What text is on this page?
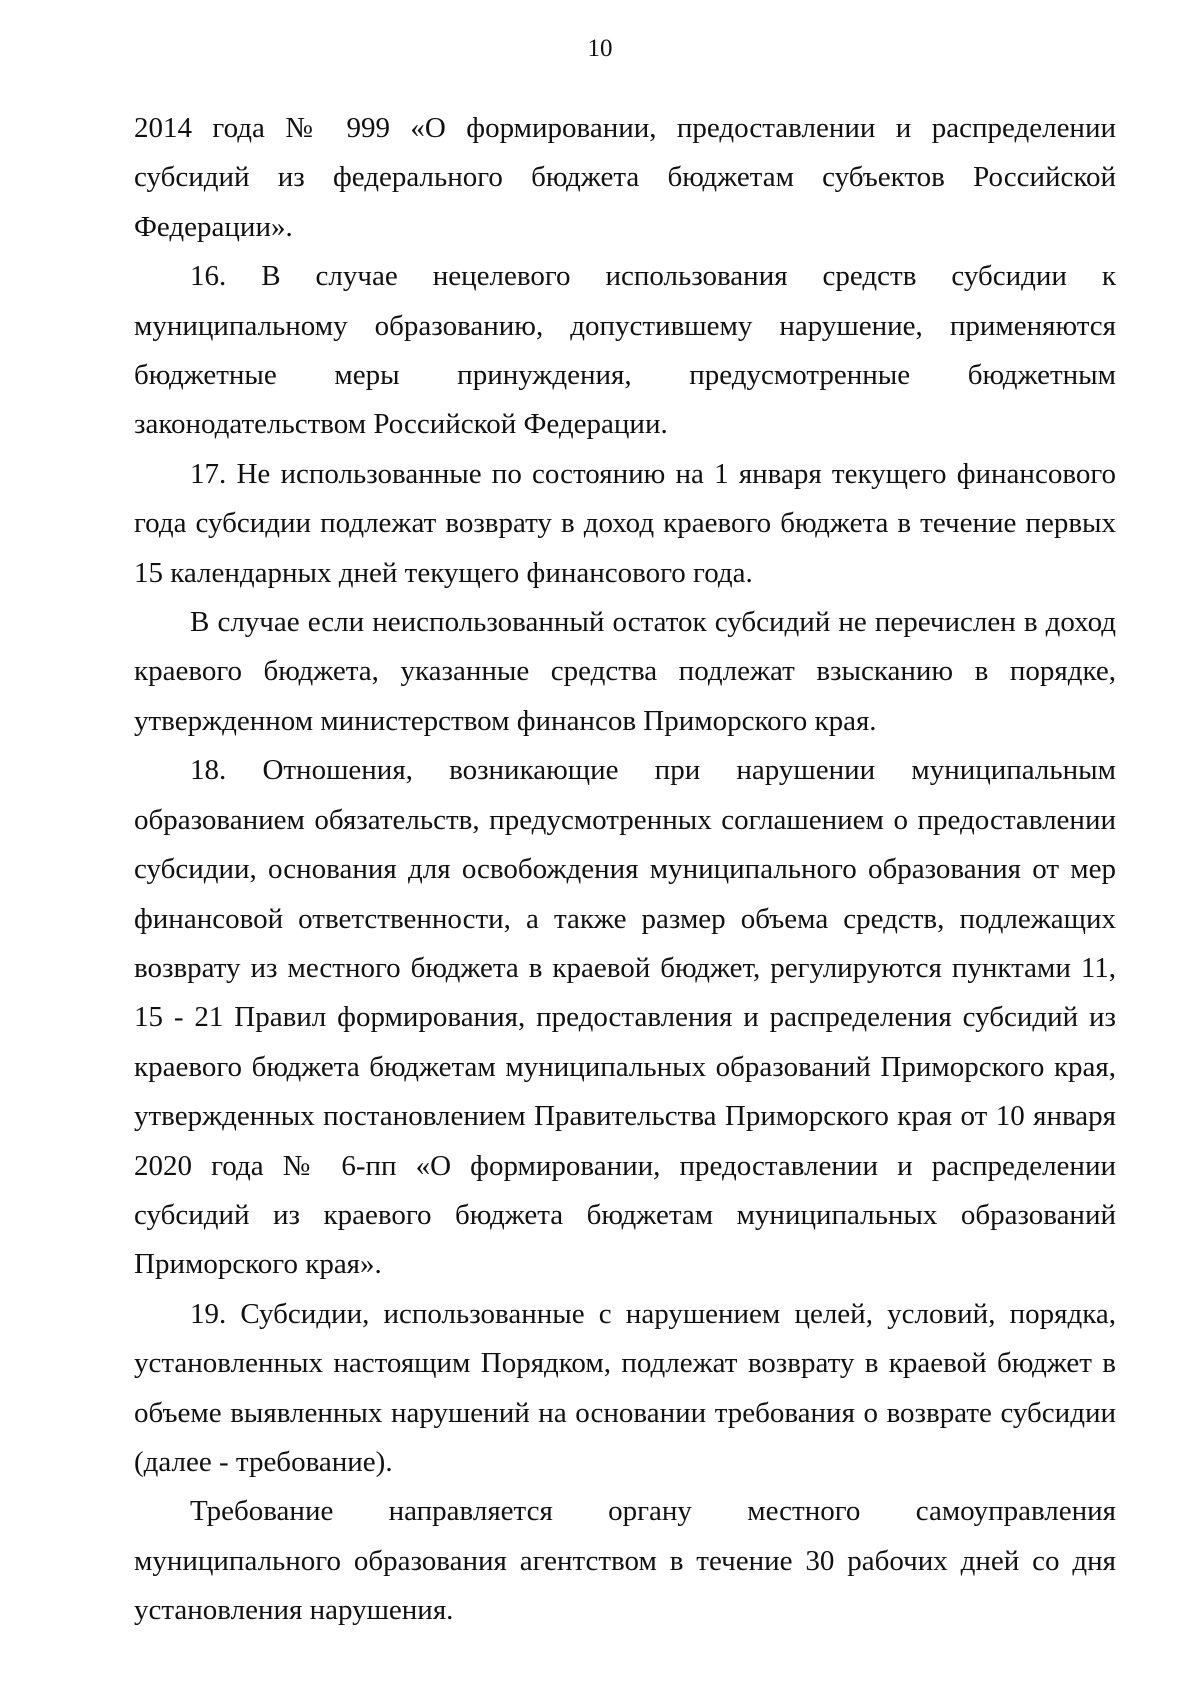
10

2014 года № 999 «О формировании, предоставлении и распределении субсидий из федерального бюджета бюджетам субъектов Российской Федерации».

16. В случае нецелевого использования средств субсидии к муниципальному образованию, допустившему нарушение, применяются бюджетные меры принуждения, предусмотренные бюджетным законодательством Российской Федерации.

17. Не использованные по состоянию на 1 января текущего финансового года субсидии подлежат возврату в доход краевого бюджета в течение первых 15 календарных дней текущего финансового года.

В случае если неиспользованный остаток субсидий не перечислен в доход краевого бюджета, указанные средства подлежат взысканию в порядке, утвержденном министерством финансов Приморского края.

18. Отношения, возникающие при нарушении муниципальным образованием обязательств, предусмотренных соглашением о предоставлении субсидии, основания для освобождения муниципального образования от мер финансовой ответственности, а также размер объема средств, подлежащих возврату из местного бюджета в краевой бюджет, регулируются пунктами 11, 15 - 21 Правил формирования, предоставления и распределения субсидий из краевого бюджета бюджетам муниципальных образований Приморского края, утвержденных постановлением Правительства Приморского края от 10 января 2020 года № 6-пп «О формировании, предоставлении и распределении субсидий из краевого бюджета бюджетам муниципальных образований Приморского края».

19. Субсидии, использованные с нарушением целей, условий, порядка, установленных настоящим Порядком, подлежат возврату в краевой бюджет в объеме выявленных нарушений на основании требования о возврате субсидии (далее - требование).

Требование направляется органу местного самоуправления муниципального образования агентством в течение 30 рабочих дней со дня установления нарушения.
